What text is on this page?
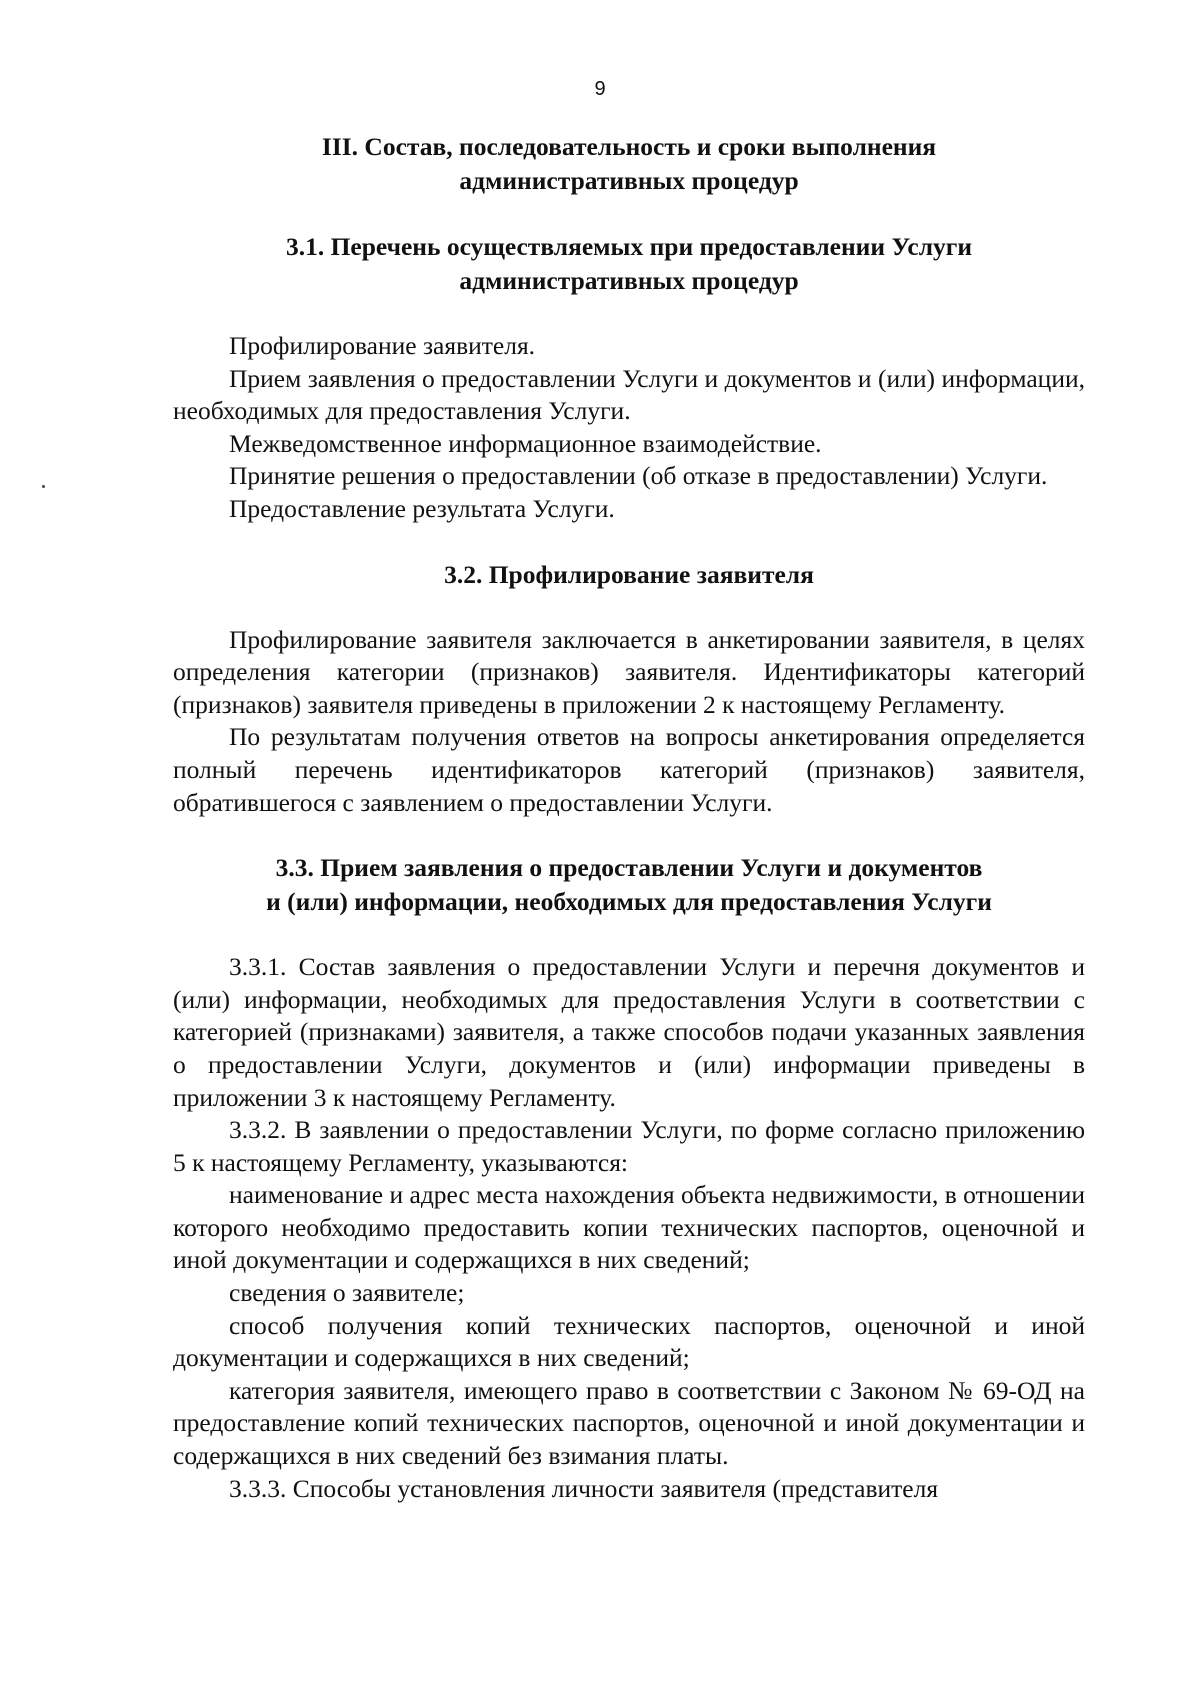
9
III. Состав, последовательность и сроки выполнения
административных процедур
3.1. Перечень осуществляемых при предоставлении Услуги
административных процедур

Профилирование заявителя.

Прием заявления о предоставлении Услуги и документов и (или) информации, необходимых для предоставления Услуги.

Межведомственное информационное взаимодействие.

Принятие решения о предоставлении (об отказе в предоставлении) Услуги.

Предоставление результата Услуги.

3.2. Профилирование заявителя

Профилирование заявителя заключается в анкетировании заявителя, в целях определения категории (признаков) заявителя. Идентификаторы категорий (признаков) заявителя приведены в приложении 2 к настоящему Регламенту.

По результатам получения ответов на вопросы анкетирования определяется полный перечень идентификаторов категорий (признаков) заявителя, обратившегося с заявлением о предоставлении Услуги.

3.3. Прием заявления о предоставлении Услуги и документов
и (или) информации, необходимых для предоставления Услуги

3.3.1. Состав заявления о предоставлении Услуги и перечня документов и (или) информации, необходимых для предоставления Услуги в соответствии с категорией (признаками) заявителя, а также способов подачи указанных заявления о предоставлении Услуги, документов и (или) информации приведены в приложении 3 к настоящему Регламенту.

3.3.2. В заявлении о предоставлении Услуги, по форме согласно приложению 5 к настоящему Регламенту, указываются:

наименование и адрес места нахождения объекта недвижимости, в отношении которого необходимо предоставить копии технических паспортов, оценочной и иной документации и содержащихся в них сведений;

сведения о заявителе;

способ получения копий технических паспортов, оценочной и иной документации и содержащихся в них сведений;

категория заявителя, имеющего право в соответствии с Законом № 69-ОД на предоставление копий технических паспортов, оценочной и иной документации и содержащихся в них сведений без взимания платы.

3.3.3. Способы установления личности заявителя (представителя
